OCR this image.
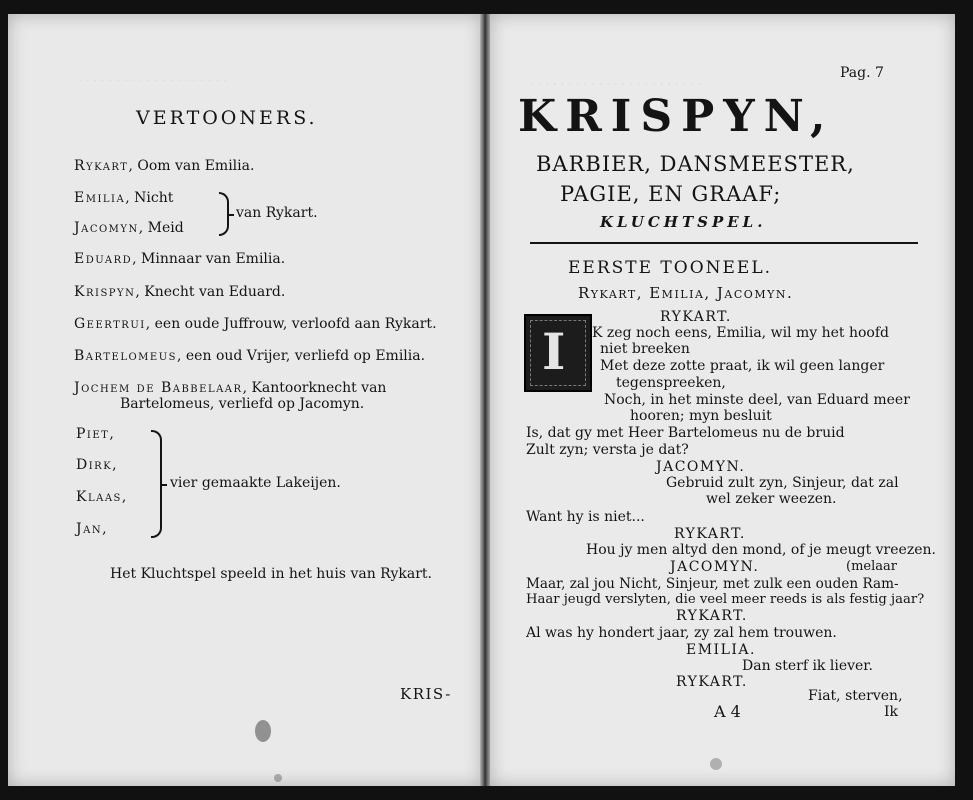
. . . . . . . . . . . . . . . . . . . .
VERTOONERS.
Rykart, Oom van Emilia.
Emilia, Nicht
Jacomyn, Meid
van Rykart.
Eduard, Minnaar van Emilia.
Krispyn, Knecht van Eduard.
Geertrui, een oude Juffrouw, verloofd aan Rykart.
Bartelomeus, een oud Vrijer, verliefd op Emilia.
Jochem de Babbelaar, Kantoorknecht van
Bartelomeus, verliefd op Jacomyn.
Piet,
Dirk,
Klaas,
Jan,
vier gemaakte Lakeijen.
Het Kluchtspel speeld in het huis van Rykart.
KRIS-
. . . . . . . . . . . . . . . . . . . . . . .	Pag. 7
KRISPYN,
BARBIER, DANSMEESTER,
PAGIE, EN GRAAF;
KLUCHTSPEL.
EERSTE TOONEEL.
Rykart, Emilia, Jacomyn.
RYKART.
I K zeg noch eens, Emilia, wil my het hoofd
niet breeken
Met deze zotte praat, ik wil geen langer
tegenspreeken,
Noch, in het minste deel, van Eduard meer
hooren; myn besluit
Is, dat gy met Heer Bartelomeus nu de bruid
Zult zyn; versta je dat?
JACOMYN.
Gebruid zult zyn, Sinjeur, dat zal
wel zeker weezen.
Want hy is niet...
RYKART.
Hou jy men altyd den mond, of je meugt vreezen.
JACOMYN.	(melaar
Maar, zal jou Nicht, Sinjeur, met zulk een ouden Ram-
Haar jeugd verslyten, die veel meer reeds is als festig jaar?
RYKART.
Al was hy hondert jaar, zy zal hem trouwen.
EMILIA.
Dan sterf ik liever.
RYKART.
Fiat, sterven,
A 4	Ik
